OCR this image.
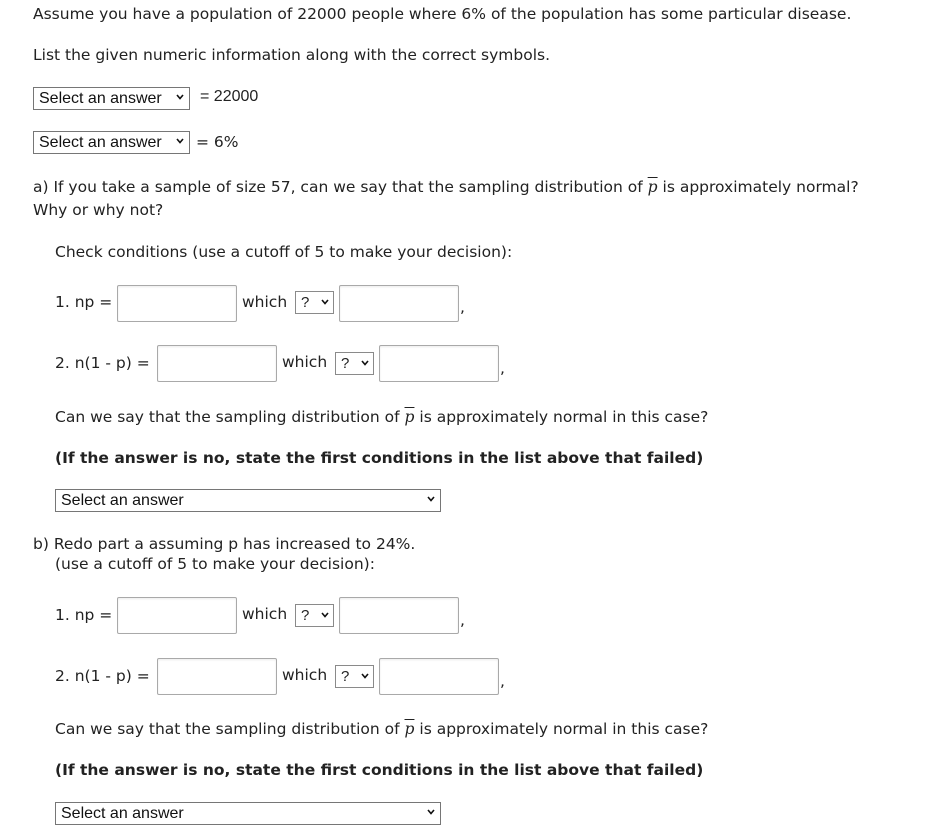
Assume you have a population of 22000 people where 6% of the population has some particular disease.
List the given numeric information along with the correct symbols.
Select an answer	= 22000
Select an answer	= 6%
a) If you take a sample of size 57, can we say that the sampling distribution of $\overline{p}$ is approximately normal?
Why or why not?
Check conditions (use a cutoff of 5 to make your decision):
1. np =	which ?	,
2. n(1 - p) =	which ?	,
Can we say that the sampling distribution of $\overline{p}$ is approximately normal in this case?
(If the answer is no, state the first conditions in the list above that failed)
Select an answer
b) Redo part a assuming p has increased to 24%.
(use a cutoff of 5 to make your decision):
1. np =	which ?	,
2. n(1 - p) =	which ?	,
Can we say that the sampling distribution of $\overline{p}$ is approximately normal in this case?
(If the answer is no, state the first conditions in the list above that failed)
Select an answer
